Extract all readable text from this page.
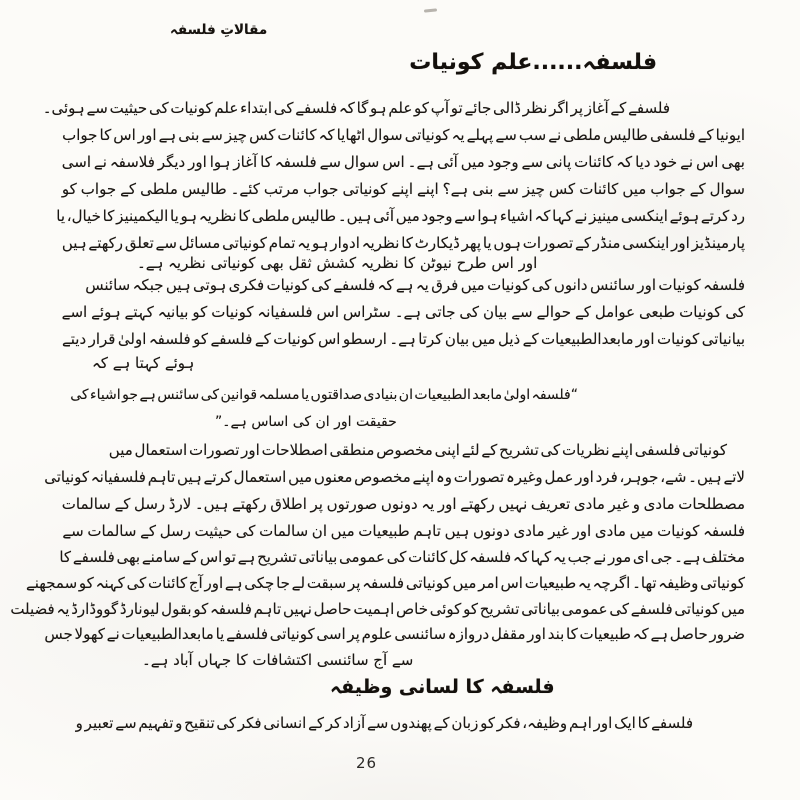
مقالاتِ فلسفہ
فلسفہ......علم کونیات
فلسفے کے آغاز پر اگر نظر ڈالی جائے تو آپ کو علم ہو گا کہ فلسفے کی ابتداء علم کونیات کی حیثیت سے ہوئی۔
ایونیا کے فلسفی طالیس ملطی نے سب سے پہلے یہ کونیاتی سوال اٹھایا کہ کائنات کس چیز سے بنی ہے اور اس کا جواب
بھی اس نے خود دیا کہ کائنات پانی سے وجود میں آئی ہے۔ اس سوال سے فلسفہ کا آغاز ہوا اور دیگر فلاسفہ نے اسی
سوال کے جواب میں کائنات کس چیز سے بنی ہے؟ اپنے اپنے کونیاتی جواب مرتب کئے۔ طالیس ملطی کے جواب کو
رد کرتے ہوئے اینکسی مینیز نے کہا کہ اشیاء ہوا سے وجود میں آئی ہیں۔ طالیس ملطی کا نظریہ ہو یا الیکمینیز کا خیال، یا
پارمینڈیز اور اینکسی منڈر کے تصورات ہوں یا پھر ڈیکارٹ کا نظریہ ادوار ہو یہ تمام کونیاتی مسائل سے تعلق رکھتے ہیں
اور اس طرح نیوٹن کا نظریہ کشش ثقل بھی کونیاتی نظریہ ہے۔
فلسفہ کونیات اور سائنس دانوں کی کونیات میں فرق یہ ہے کہ فلسفے کی کونیات فکری ہوتی ہیں جبکہ سائنس
کی کونیات طبعی عوامل کے حوالے سے بیان کی جاتی ہے۔ سٹراس اس فلسفیانہ کونیات کو بیانیہ کہتے ہوئے اسے
بیانیاتی کونیات اور مابعدالطبیعیات کے ذیل میں بیان کرتا ہے۔ ارسطو اس کونیات کے فلسفے کو فلسفہ اولیٰ قرار دیتے
ہوئے کہتا ہے کہ
“فلسفہ اولیٰ مابعد الطبیعیات ان بنیادی صداقتوں یا مسلمہ قوانین کی سائنس ہے جو اشیاء کی
حقیقت اور ان کی اساس ہے۔”
کونیاتی فلسفی اپنے نظریات کی تشریح کے لئے اپنی مخصوص منطقی اصطلاحات اور تصورات استعمال میں
لاتے ہیں۔ شے، جوہر، فرد اور عمل وغیرہ تصورات وہ اپنے مخصوص معنوں میں استعمال کرتے ہیں تاہم فلسفیانہ کونیاتی
مصطلحات مادی و غیر مادی تعریف نہیں رکھتے اور یہ دونوں صورتوں پر اطلاق رکھتے ہیں۔ لارڈ رسل کے سالمات
فلسفہ کونیات میں مادی اور غیر مادی دونوں ہیں تاہم طبیعیات میں ان سالمات کی حیثیت رسل کے سالمات سے
مختلف ہے۔ جی ای مور نے جب یہ کہا کہ فلسفہ کل کائنات کی عمومی بیاناتی تشریح ہے تو اس کے سامنے بھی فلسفے کا
کونیاتی وظیفہ تھا۔ اگرچہ یہ طبیعیات اس امر میں کونیاتی فلسفہ پر سبقت لے جا چکی ہے اور آج کائنات کی کہنہ کو سمجھنے
میں کونیاتی فلسفے کی عمومی بیاناتی تشریح کو کوئی خاص اہمیت حاصل نہیں تاہم فلسفہ کو بقول لیونارڈ گووڈارڈ یہ فضیلت
ضرور حاصل ہے کہ طبیعیات کا بند اور مقفل دروازہ سائنسی علوم پر اسی کونیاتی فلسفے یا مابعدالطبیعیات نے کھولا جس
سے آج سائنسی اکتشافات کا جہاں آباد ہے۔
فلسفہ کا لسانی وظیفہ
فلسفے کا ایک اور اہم وظیفہ، فکر کو زبان کے پھندوں سے آزاد کر کے انسانی فکر کی تنقیح و تفہیم سے تعبیر و
26
